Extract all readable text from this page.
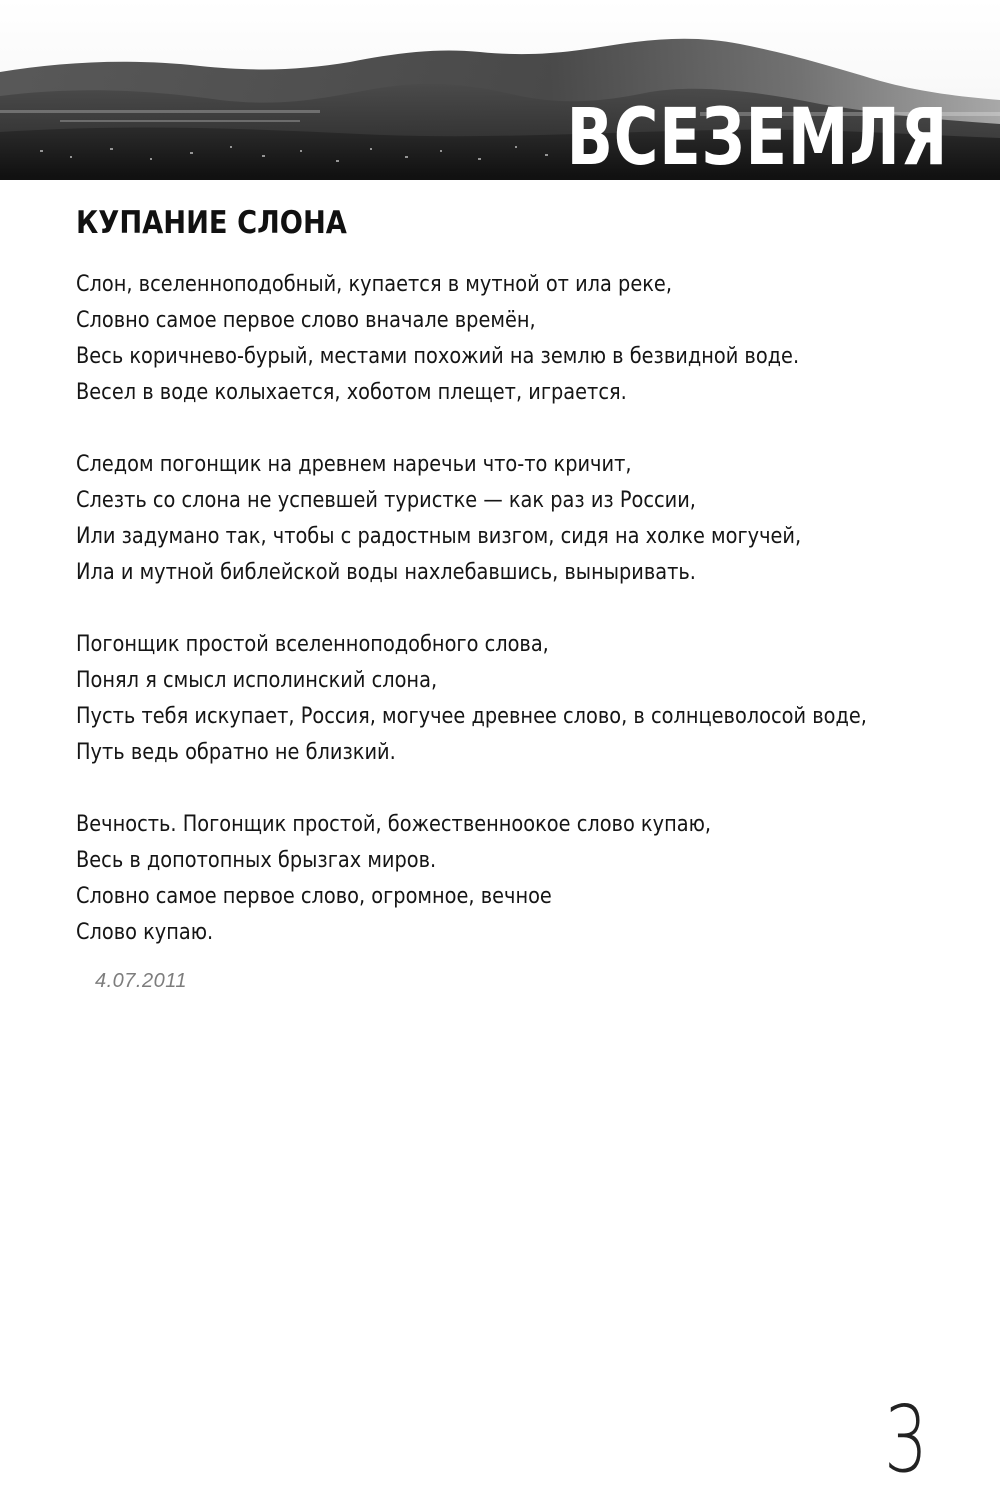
ВСЕЗЕМЛЯ
КУПАНИЕ СЛОНА
Слон, вселенноподобный, купается в мутной от ила реке,
Словно самое первое слово вначале времён,
Весь коричнево-бурый, местами похожий на землю в безвидной воде.
Весел в воде колыхается, хоботом плещет, играется.
Следом погонщик на древнем наречьи что-то кричит,
Слезть со слона не успевшей туристке — как раз из России,
Или задумано так, чтобы с радостным визгом, сидя на холке могучей,
Ила и мутной библейской воды нахлебавшись, выныривать.
Погонщик простой вселенноподобного слова,
Понял я смысл исполинский слона,
Пусть тебя искупает, Россия, могучее древнее слово, в солнцеволосой воде,
Путь ведь обратно не близкий.
Вечность. Погонщик простой, божественноокое слово купаю,
Весь в допотопных брызгах миров.
Словно самое первое слово, огромное, вечное
Слово купаю.
4.07.2011
3
